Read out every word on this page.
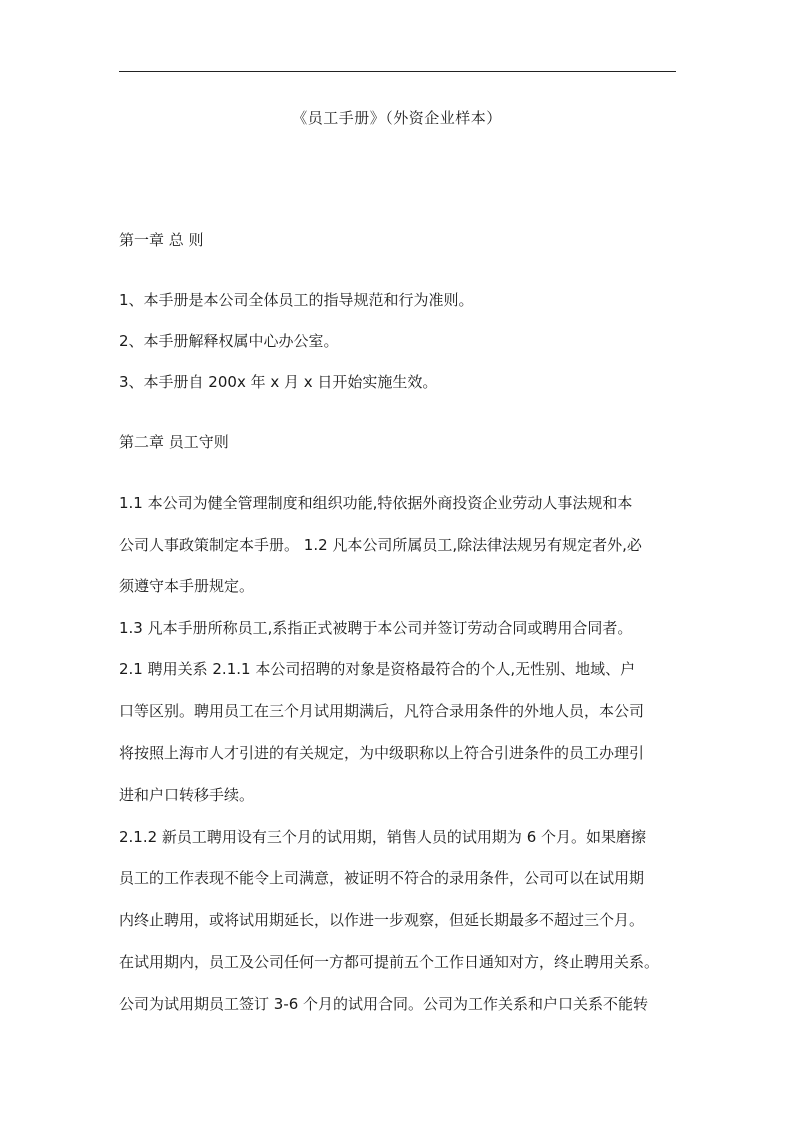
《员工手册》（外资企业样本）
第一章 总 则
1、本手册是本公司全体员工的指导规范和行为准则。
2、本手册解释权属中心办公室。
3、本手册自 200x 年 x 月 x 日开始实施生效。
第二章 员工守则
1.1 本公司为健全管理制度和组织功能,特依据外商投资企业劳动人事法规和本
公司人事政策制定本手册。 1.2 凡本公司所属员工,除法律法规另有规定者外,必
须遵守本手册规定。
1.3 凡本手册所称员工,系指正式被聘于本公司并签订劳动合同或聘用合同者。
2.1 聘用关系 2.1.1 本公司招聘的对象是资格最符合的个人,无性别、地域、户
口等区别。聘用员工在三个月试用期满后，凡符合录用条件的外地人员，本公司
将按照上海市人才引进的有关规定，为中级职称以上符合引进条件的员工办理引
进和户口转移手续。
2.1.2 新员工聘用设有三个月的试用期，销售人员的试用期为 6 个月。如果磨擦
员工的工作表现不能令上司满意，被证明不符合的录用条件，公司可以在试用期
内终止聘用，或将试用期延长，以作进一步观察，但延长期最多不超过三个月。
在试用期内，员工及公司任何一方都可提前五个工作日通知对方，终止聘用关系。
公司为试用期员工签订 3-6 个月的试用合同。公司为工作关系和户口关系不能转
